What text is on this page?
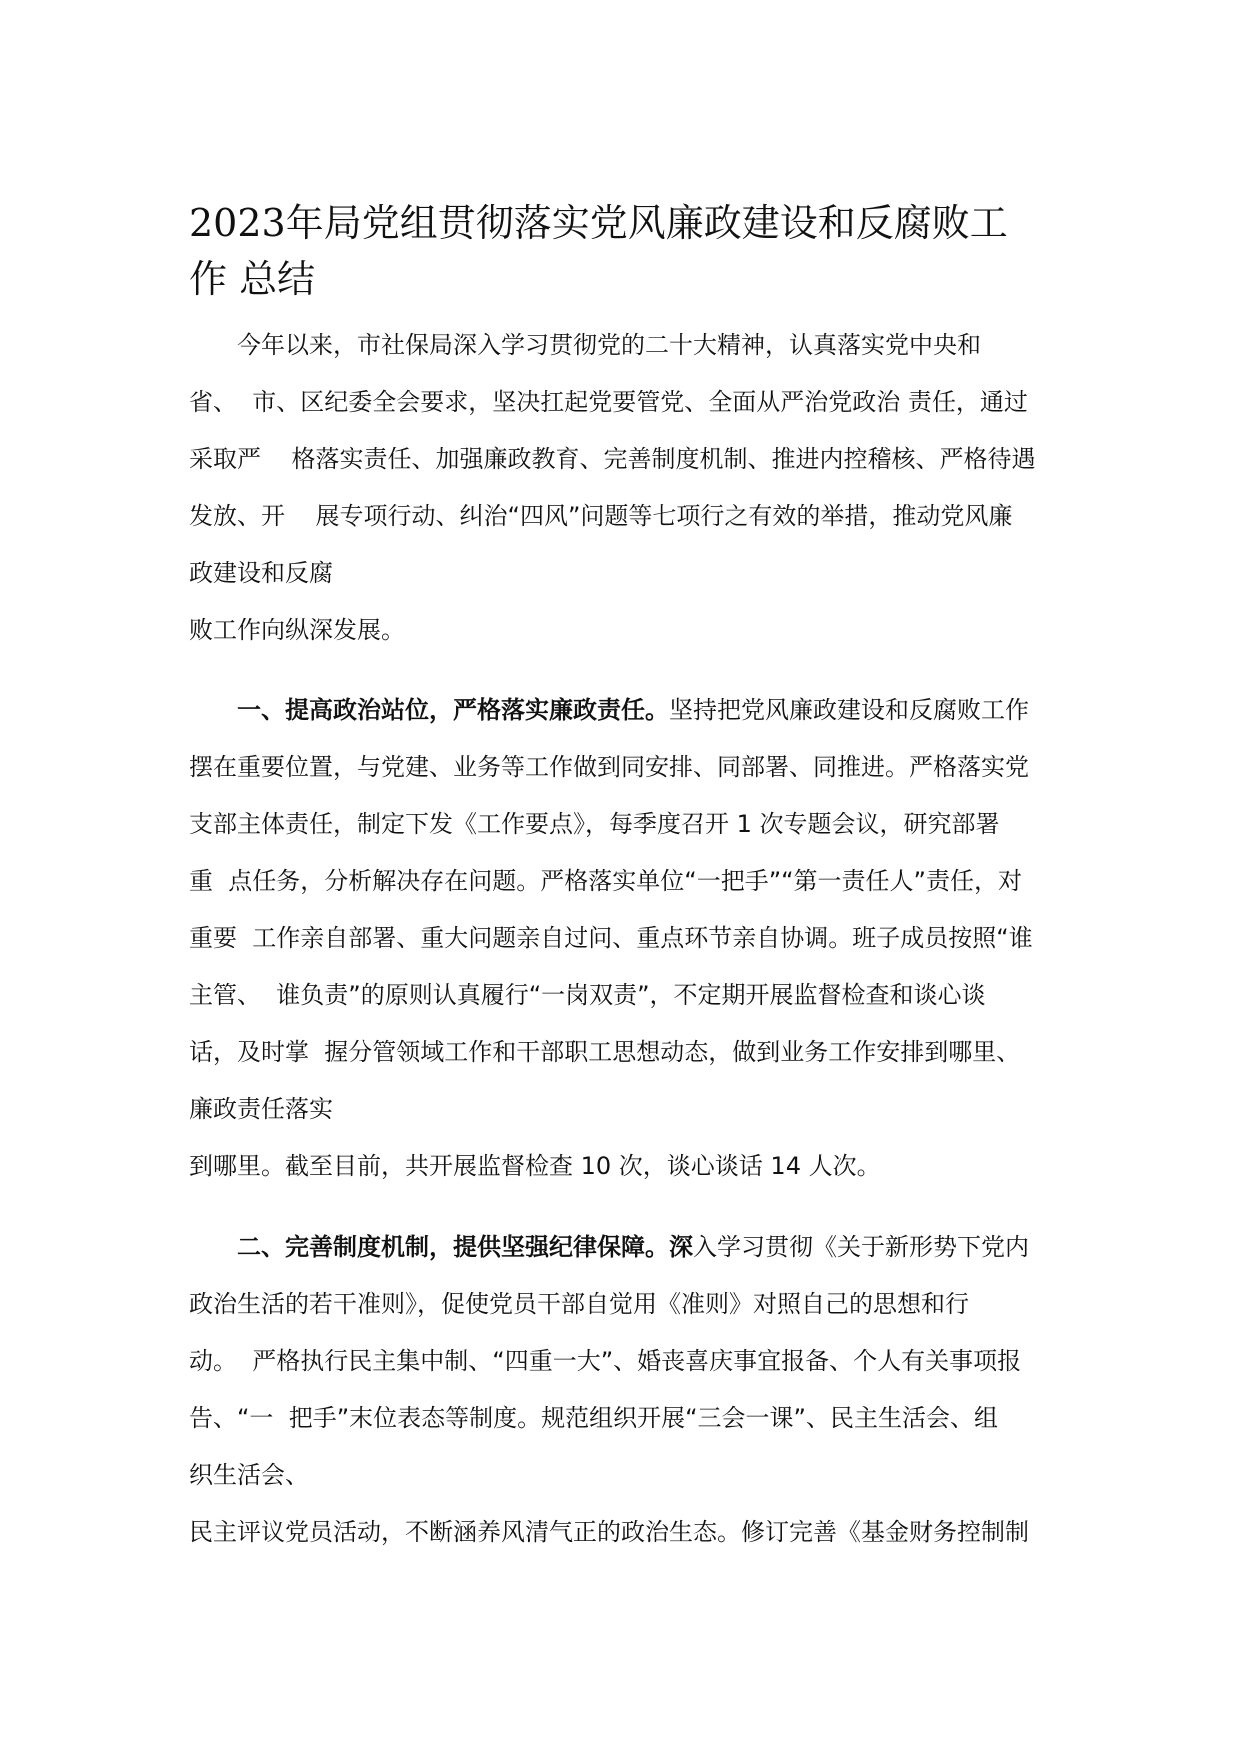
2023年局党组贯彻落实党风廉政建设和反腐败工
作 总结
今年以来，市社保局深入学习贯彻党的二十大精神，认真落实党中央和
省、  市、区纪委全会要求，坚决扛起党要管党、全面从严治党政治 责任，通过
采取严    格落实责任、加强廉政教育、完善制度机制、推进内控稽核、严格待遇
发放、开    展专项行动、纠治“四风”问题等七项行之有效的举措，推动党风廉
政建设和反腐
败工作向纵深发展。
一、提高政治站位，严格落实廉政责任。坚持把党风廉政建设和反腐败工作
摆在重要位置，与党建、业务等工作做到同安排、同部署、同推进。严格落实党
支部主体责任，制定下发《工作要点》，每季度召开 1 次专题会议，研究部署
重  点任务，分析解决存在问题。严格落实单位“一把手”“第一责任人”责任，对
重要  工作亲自部署、重大问题亲自过问、重点环节亲自协调。班子成员按照“谁
主管、  谁负责”的原则认真履行“一岗双责”，不定期开展监督检查和谈心谈
话，及时掌  握分管领域工作和干部职工思想动态，做到业务工作安排到哪里、
廉政责任落实
到哪里。截至目前，共开展监督检查 10 次，谈心谈话 14 人次。
二、完善制度机制，提供坚强纪律保障。深入学习贯彻《关于新形势下党内
政治生活的若干准则》，促使党员干部自觉用《准则》对照自己的思想和行
动。  严格执行民主集中制、“四重一大”、婚丧喜庆事宜报备、个人有关事项报
告、“一  把手”末位表态等制度。规范组织开展“三会一课”、民主生活会、组
织生活会、
民主评议党员活动，不断涵养风清气正的政治生态。修订完善《基金财务控制制
